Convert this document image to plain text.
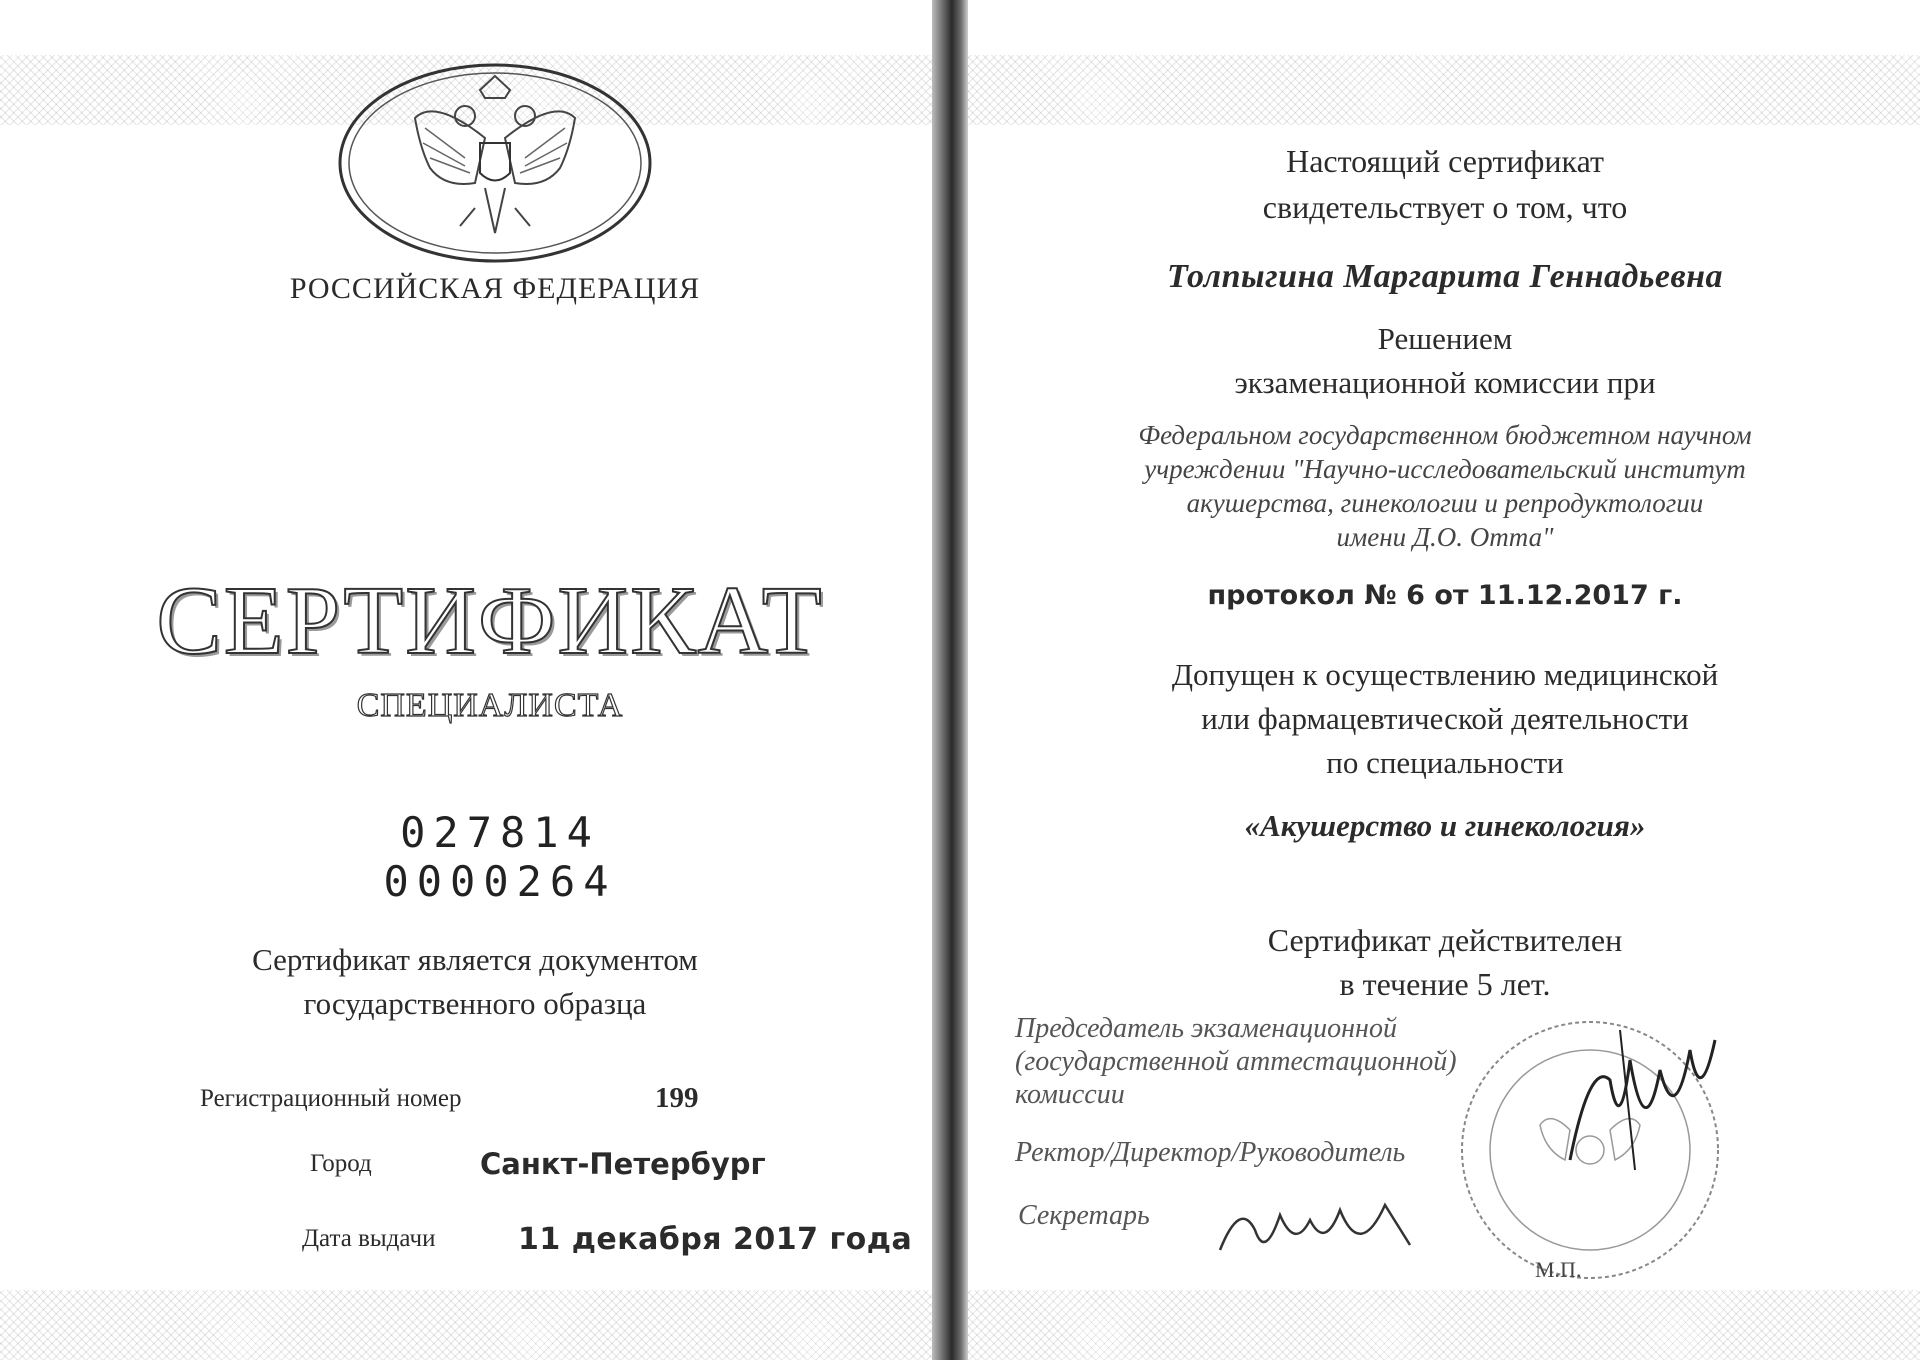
РОССИЙСКАЯ ФЕДЕРАЦИЯ
СЕРТИФИКАТ
СПЕЦИАЛИСТА
027814 0000264
Сертификат является документом
государственного образца
Регистрационный номер	199
Город	Санкт-Петербург
Дата выдачи	11 декабря 2017 года
Настоящий сертификат
свидетельствует о том, что
Толпыгина Маргарита Геннадьевна
Решением
экзаменационной комиссии при
Федеральном государственном бюджетном научном
учреждении "Научно-исследовательский институт
акушерства, гинекологии и репродуктологии
имени Д.О. Отта"
протокол № 6 от 11.12.2017 г.
Допущен к осуществлению медицинской
или фармацевтической деятельности
по специальности
«Акушерство и гинекология»
Сертификат действителен
в течение 5 лет.
Председатель экзаменационной
(государственной аттестационной)
комиссии
Ректор/Директор/Руководитель
Секретарь
М.П.
